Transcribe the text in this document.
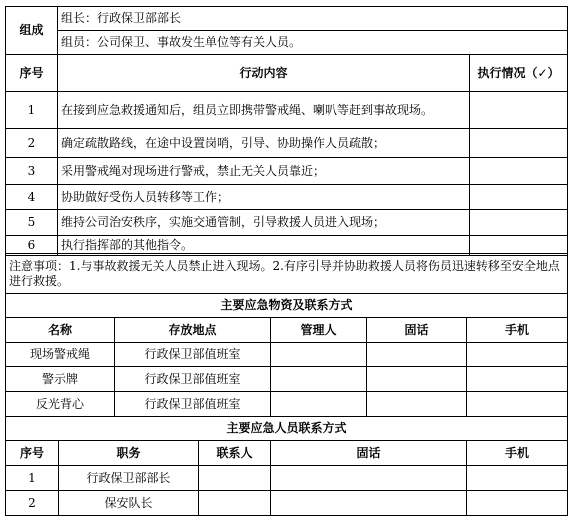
组成	组长：行政保卫部部长	
	组员：公司保卫、事故发生单位等有关人员。	
序号	行动内容	执行情况（✓）
1	在接到应急救援通知后，组员立即携带警戒绳、喇叭等赶到事故现场。	
2	确定疏散路线，在途中设置岗哨，引导、协助操作人员疏散；	
3	采用警戒绳对现场进行警戒，禁止无关人员靠近；	
4	协助做好受伤人员转移等工作；	
5	维持公司治安秩序，实施交通管制，引导救援人员进入现场；	
6	执行指挥部的其他指令。	
注意事项：1.与事故救援无关人员禁止进入现场。2.有序引导并协助救援人员将伤员迅速转移至安全地点进行救援。						
主要应急物资及联系方式						
名称		存放地点		管理人	固话	手机
现场警戒绳		行政保卫部值班室				
警示牌		行政保卫部值班室				
反光背心		行政保卫部值班室				
主要应急人员联系方式						
序号	职务		联系人	固话		手机
1	行政保卫部部长					
2	保安队长					
